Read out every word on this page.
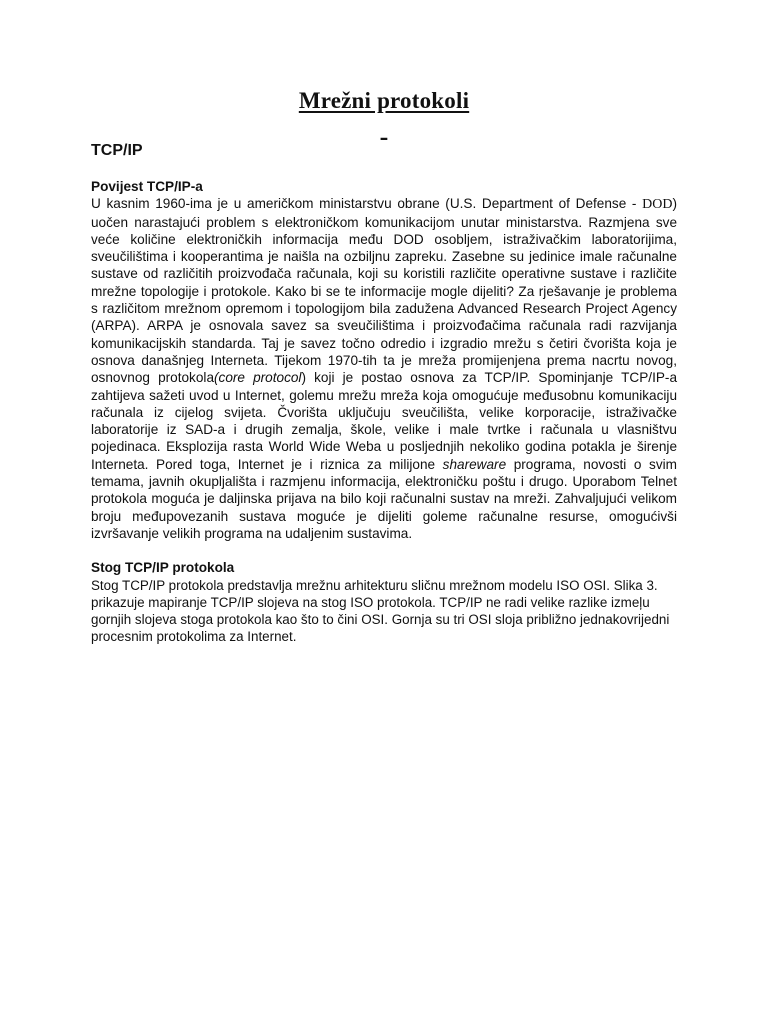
Mrežni protokoli
-
TCP/IP

Povijest TCP/IP-a

U kasnim 1960-ima je u američkom ministarstvu obrane (U.S. Department of Defense - DOD) uočen narastajući problem s elektroničkom komunikacijom unutar ministarstva. Razmjena sve veće količine elektroničkih informacija među DOD osobljem, istraživačkim laboratorijima, sveučilištima i kooperantima je naišla na ozbiljnu zapreku. Zasebne su jedinice imale računalne sustave od različitih proizvođača računala, koji su koristili različite operativne sustave i različite mrežne topologije i protokole. Kako bi se te informacije mogle dijeliti? Za rješavanje je problema s različitom mrežnom opremom i topologijom bila zadužena Advanced Research Project Agency (ARPA). ARPA je osnovala savez sa sveučilištima i proizvođačima računala radi razvijanja komunikacijskih standarda. Taj je savez točno odredio i izgradio mrežu s četiri čvorišta koja je osnova današnjeg Interneta. Tijekom 1970-tih ta je mreža promijenjena prema nacrtu novog, osnovnog protokola(core protocol) koji je postao osnova za TCP/IP. Spominjanje TCP/IP-a zahtijeva sažeti uvod u Internet, golemu mrežu mreža koja omogućuje međusobnu komunikaciju računala iz cijelog svijeta. Čvorišta uključuju sveučilišta, velike korporacije, istraživačke laboratorije iz SAD-a i drugih zemalja, škole, velike i male tvrtke i računala u vlasništvu pojedinaca. Eksplozija rasta World Wide Weba u posljednjih nekoliko godina potakla je širenje Interneta. Pored toga, Internet je i riznica za milijone shareware programa, novosti o svim temama, javnih okupljališta i razmjenu informacija, elektroničku poštu i drugo. Uporabom Telnet protokola moguća je daljinska prijava na bilo koji računalni sustav na mreži. Zahvaljujući velikom broju međupovezanih sustava moguće je dijeliti goleme računalne resurse, omogućivši izvršavanje velikih programa na udaljenim sustavima.

Stog TCP/IP protokola

Stog TCP/IP protokola predstavlja mrežnu arhitekturu sličnu mrežnom modelu ISO OSI. Slika 3. prikazuje mapiranje TCP/IP slojeva na stog ISO protokola. TCP/IP ne radi velike razlike izmeļu gornjih slojeva stoga protokola kao što to čini OSI. Gornja su tri OSI sloja približno jednakovrijedni procesnim protokolima za Internet.
